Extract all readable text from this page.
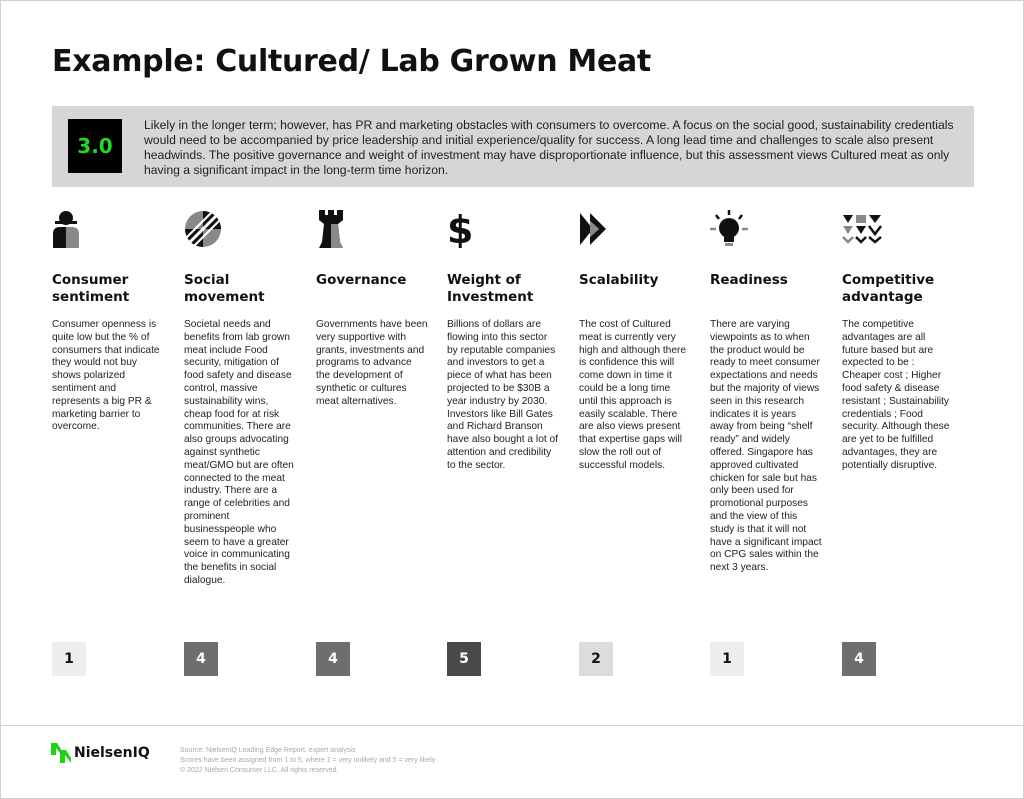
Example: Cultured/ Lab Grown Meat
3.0

Likely in the longer term; however, has PR and marketing obstacles with consumers to overcome. A focus on the social good, sustainability credentials would need to be accompanied by price leadership and initial experience/quality for success. A long lead time and challenges to scale also present headwinds. The positive governance and weight of investment may have disproportionate influence, but this assessment views Cultured meat as only having a significant impact in the long-term time horizon.

Consumer sentiment
Consumer openness is quite low but the % of consumers that indicate they would not buy shows polarized sentiment and represents a big PR & marketing barrier to overcome.
Social movement
Societal needs and benefits from lab grown meat include Food security, mitigation of food safety and disease control, massive sustainability wins, cheap food for at risk communities. There are also groups advocating against synthetic meat/GMO but are often connected to the meat industry. There are a range of celebrities and prominent businesspeople who seem to have a greater voice in communicating the benefits in social dialogue.
Governance
Governments have been very supportive with grants, investments and programs to advance the development of synthetic or cultures meat alternatives.
$
Weight of Investment
Billions of dollars are flowing into this sector by reputable companies and investors to get a piece of what has been projected to be $30B a year industry by 2030. Investors like Bill Gates and Richard Branson have also bought a lot of attention and credibility to the sector.
Scalability
The cost of Cultured meat is currently very high and although there is confidence this will come down in time it could be a long time until this approach is easily scalable. There are also views present that expertise gaps will slow the roll out of successful models.
Readiness
There are varying viewpoints as to when the product would be ready to meet consumer expectations and needs but the majority of views seen in this research indicates it is years away from being “shelf ready” and widely offered. Singapore has approved cultivated chicken for sale but has only been used for promotional purposes and the view of this study is that it will not have a significant impact on CPG sales within the next 3 years.
Competitive advantage
The competitive advantages are all future based but are expected to be : Cheaper cost ; Higher food safety & disease resistant ; Sustainability credentials ; Food security. Although these are yet to be fulfilled advantages, they are potentially disruptive.
1	4	4	5	2	1	4
NielsenIQ	Source: NielsenIQ Leading Edge Report, expert analysis
Scores have been assigned from 1 to 5, where 1 = very unlikely and 5 = very likely
© 2022 Nielsen Consumer LLC. All rights reserved.
